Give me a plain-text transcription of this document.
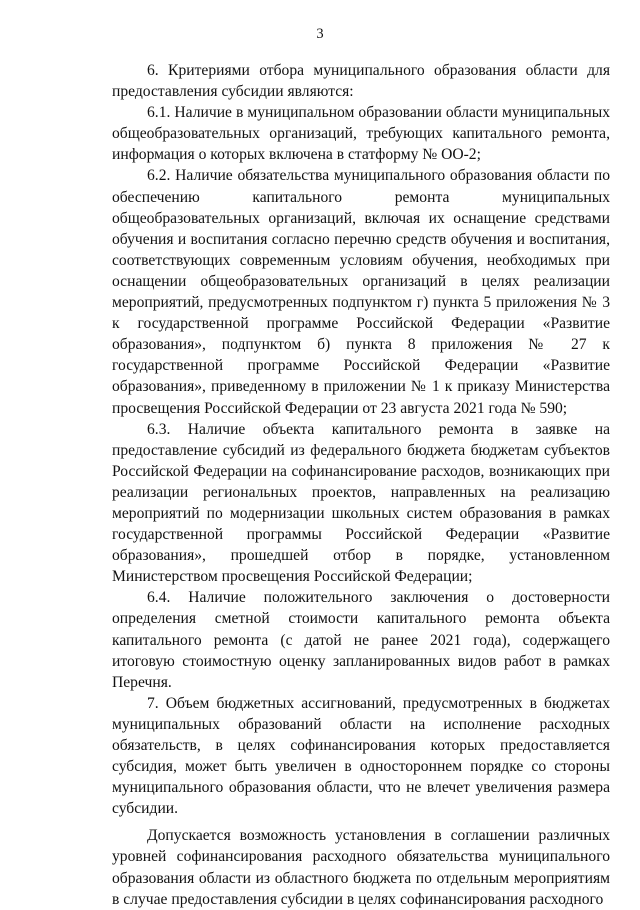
3

6. Критериями отбора муниципального образования области для предоставления субсидии являются:

6.1. Наличие в муниципальном образовании области муниципальных общеобразовательных организаций, требующих капитального ремонта, информация о которых включена в статформу № ОО-2;

6.2. Наличие обязательства муниципального образования области по обеспечению капитального ремонта муниципальных общеобразовательных организаций, включая их оснащение средствами обучения и воспитания согласно перечню средств обучения и воспитания, соответствующих современным условиям обучения, необходимых при оснащении общеобразовательных организаций в целях реализации мероприятий, предусмотренных подпунктом г) пункта 5 приложения № 3 к государственной программе Российской Федерации «Развитие образования», подпунктом б) пункта 8 приложения № 27 к государственной программе Российской Федерации «Развитие образования», приведенному в приложении № 1 к приказу Министерства просвещения Российской Федерации от 23 августа 2021 года № 590;

6.3. Наличие объекта капитального ремонта в заявке на предоставление субсидий из федерального бюджета бюджетам субъектов Российской Федерации на софинансирование расходов, возникающих при реализации региональных проектов, направленных на реализацию мероприятий по модернизации школьных систем образования в рамках государственной программы Российской Федерации «Развитие образования», прошедшей отбор в порядке, установленном Министерством просвещения Российской Федерации;

6.4. Наличие положительного заключения о достоверности определения сметной стоимости капитального ремонта объекта капитального ремонта (с датой не ранее 2021 года), содержащего итоговую стоимостную оценку запланированных видов работ в рамках Перечня.

7. Объем бюджетных ассигнований, предусмотренных в бюджетах муниципальных образований области на исполнение расходных обязательств, в целях софинансирования которых предоставляется субсидия, может быть увеличен в одностороннем порядке со стороны муниципального образования области, что не влечет увеличения размера субсидии.

Допускается возможность установления в соглашении различных уровней софинансирования расходного обязательства муниципального образования области из областного бюджета по отдельным мероприятиям в случае предоставления субсидии в целях софинансирования расходного
